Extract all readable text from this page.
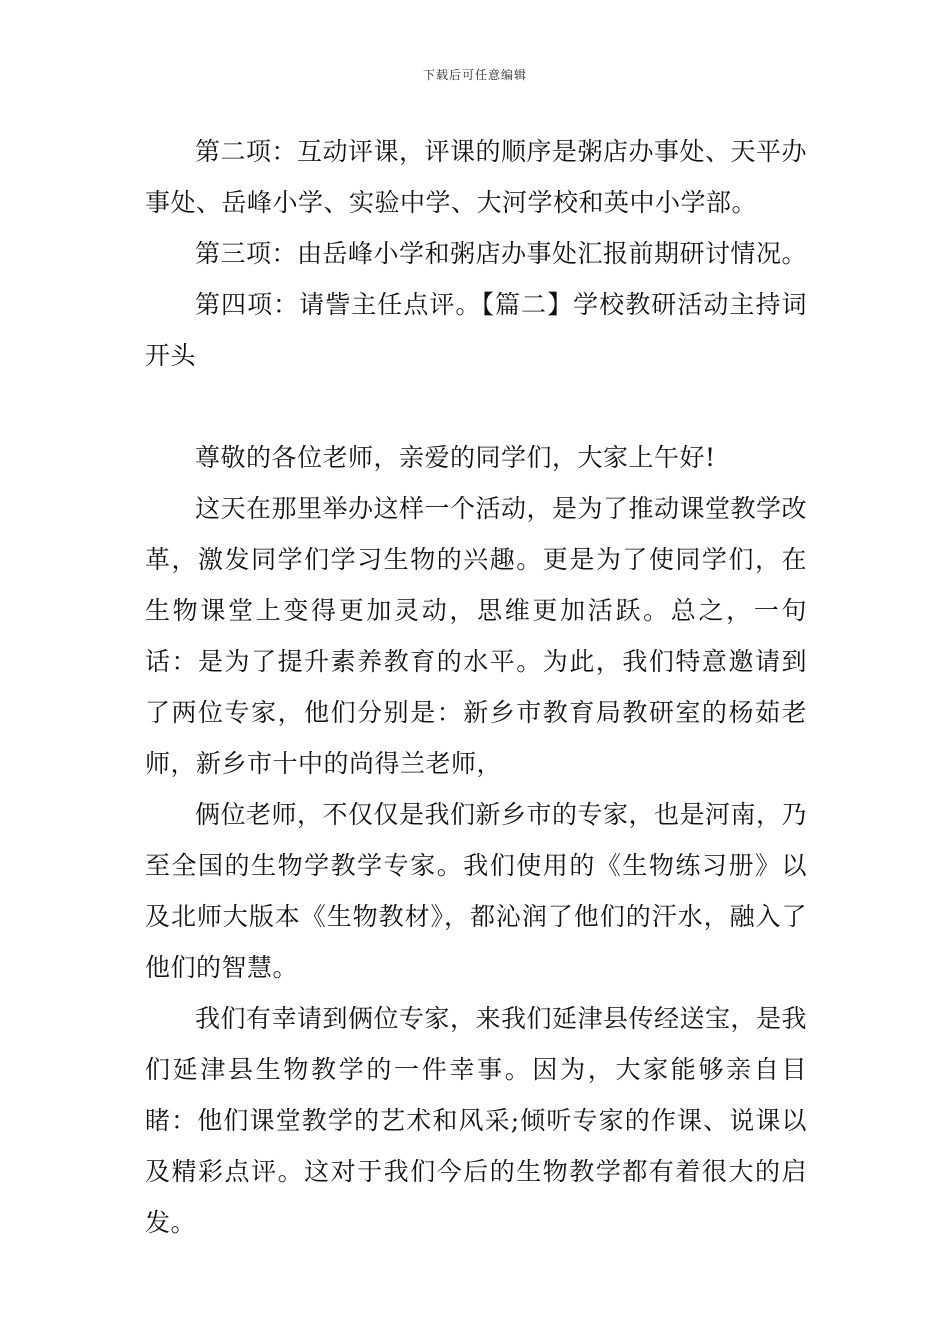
下载后可任意编辑

第二项：互动评课，评课的顺序是粥店办事处、天平办事处、岳峰小学、实验中学、大河学校和英中小学部。

第三项：由岳峰小学和粥店办事处汇报前期研讨情况。

第四项：请訾主任点评。【篇二】学校教研活动主持词开头

尊敬的各位老师，亲爱的同学们，大家上午好!

这天在那里举办这样一个活动，是为了推动课堂教学改革，激发同学们学习生物的兴趣。更是为了使同学们，在生物课堂上变得更加灵动，思维更加活跃。总之，一句话：是为了提升素养教育的水平。为此，我们特意邀请到了两位专家，他们分别是：新乡市教育局教研室的杨茹老师，新乡市十中的尚得兰老师，

俩位老师，不仅仅是我们新乡市的专家，也是河南，乃至全国的生物学教学专家。我们使用的《生物练习册》以及北师大版本《生物教材》，都沁润了他们的汗水，融入了他们的智慧。

我们有幸请到俩位专家，来我们延津县传经送宝，是我们延津县生物教学的一件幸事。因为，大家能够亲自目睹：他们课堂教学的艺术和风采;倾听专家的作课、说课以及精彩点评。这对于我们今后的生物教学都有着很大的启发。
